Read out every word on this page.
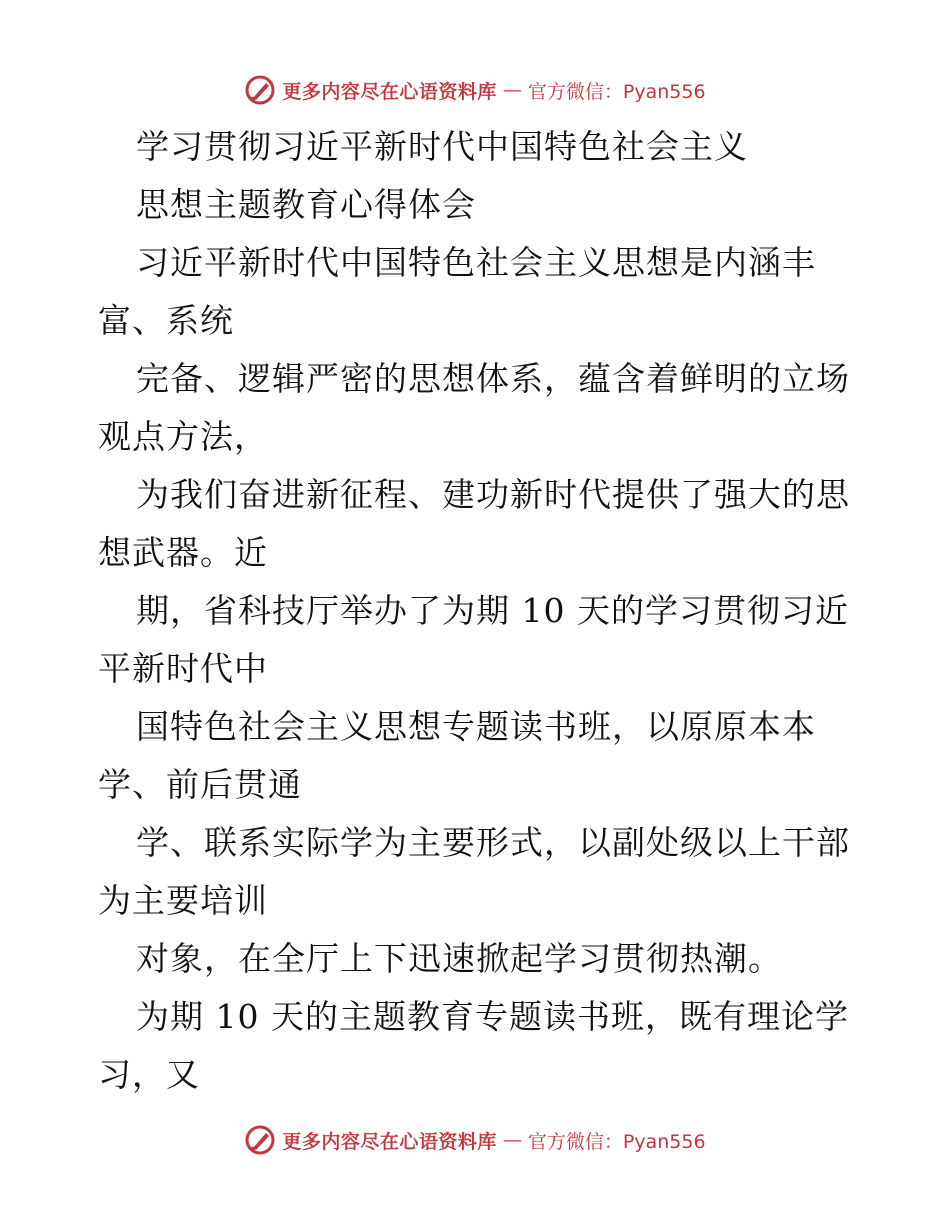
更多内容尽在心语资料库 — 官方微信：Pyan556
学习贯彻习近平新时代中国特色社会主义
思想主题教育心得体会
习近平新时代中国特色社会主义思想是内涵丰
富、系统
完备、逻辑严密的思想体系，蕴含着鲜明的立场
观点方法，
为我们奋进新征程、建功新时代提供了强大的思
想武器。近
期，省科技厅举办了为期 10 天的学习贯彻习近
平新时代中
国特色社会主义思想专题读书班，以原原本本
学、前后贯通
学、联系实际学为主要形式，以副处级以上干部
为主要培训
对象，在全厅上下迅速掀起学习贯彻热潮。
为期 10 天的主题教育专题读书班，既有理论学
习，又
更多内容尽在心语资料库 — 官方微信：Pyan556
